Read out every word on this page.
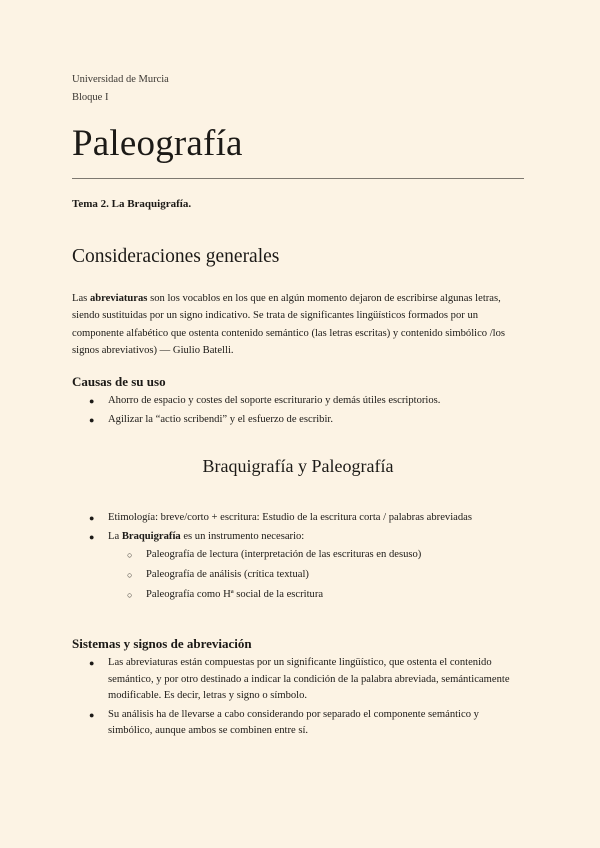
Universidad de Murcia
Bloque I
Paleografía
Tema 2. La Braquigrafía.
Consideraciones generales
Las abreviaturas son los vocablos en los que en algún momento dejaron de escribirse algunas letras, siendo sustituidas por un signo indicativo. Se trata de significantes lingüísticos formados por un componente alfabético que ostenta contenido semántico (las letras escritas) y contenido simbólico /los signos abreviativos) — Giulio Batelli.
Causas de su uso
● Ahorro de espacio y costes del soporte escriturario y demás útiles escriptorios.
● Agilizar la “actio scribendi” y el esfuerzo de escribir.
Braquigrafía y Paleografía
● Etimología: breve/corto + escritura: Estudio de la escritura corta / palabras abreviadas
● La Braquigrafía es un instrumento necesario:
○ Paleografía de lectura (interpretación de las escrituras en desuso)
○ Paleografía de análisis (crítica textual)
○ Paleografía como Hª social de la escritura
Sistemas y signos de abreviación
● Las abreviaturas están compuestas por un significante lingüístico, que ostenta el contenido semántico, y por otro destinado a indicar la condición de la palabra abreviada, semánticamente modificable. Es decir, letras y signo o símbolo.
● Su análisis ha de llevarse a cabo considerando por separado el componente semántico y simbólico, aunque ambos se combinen entre sí.
